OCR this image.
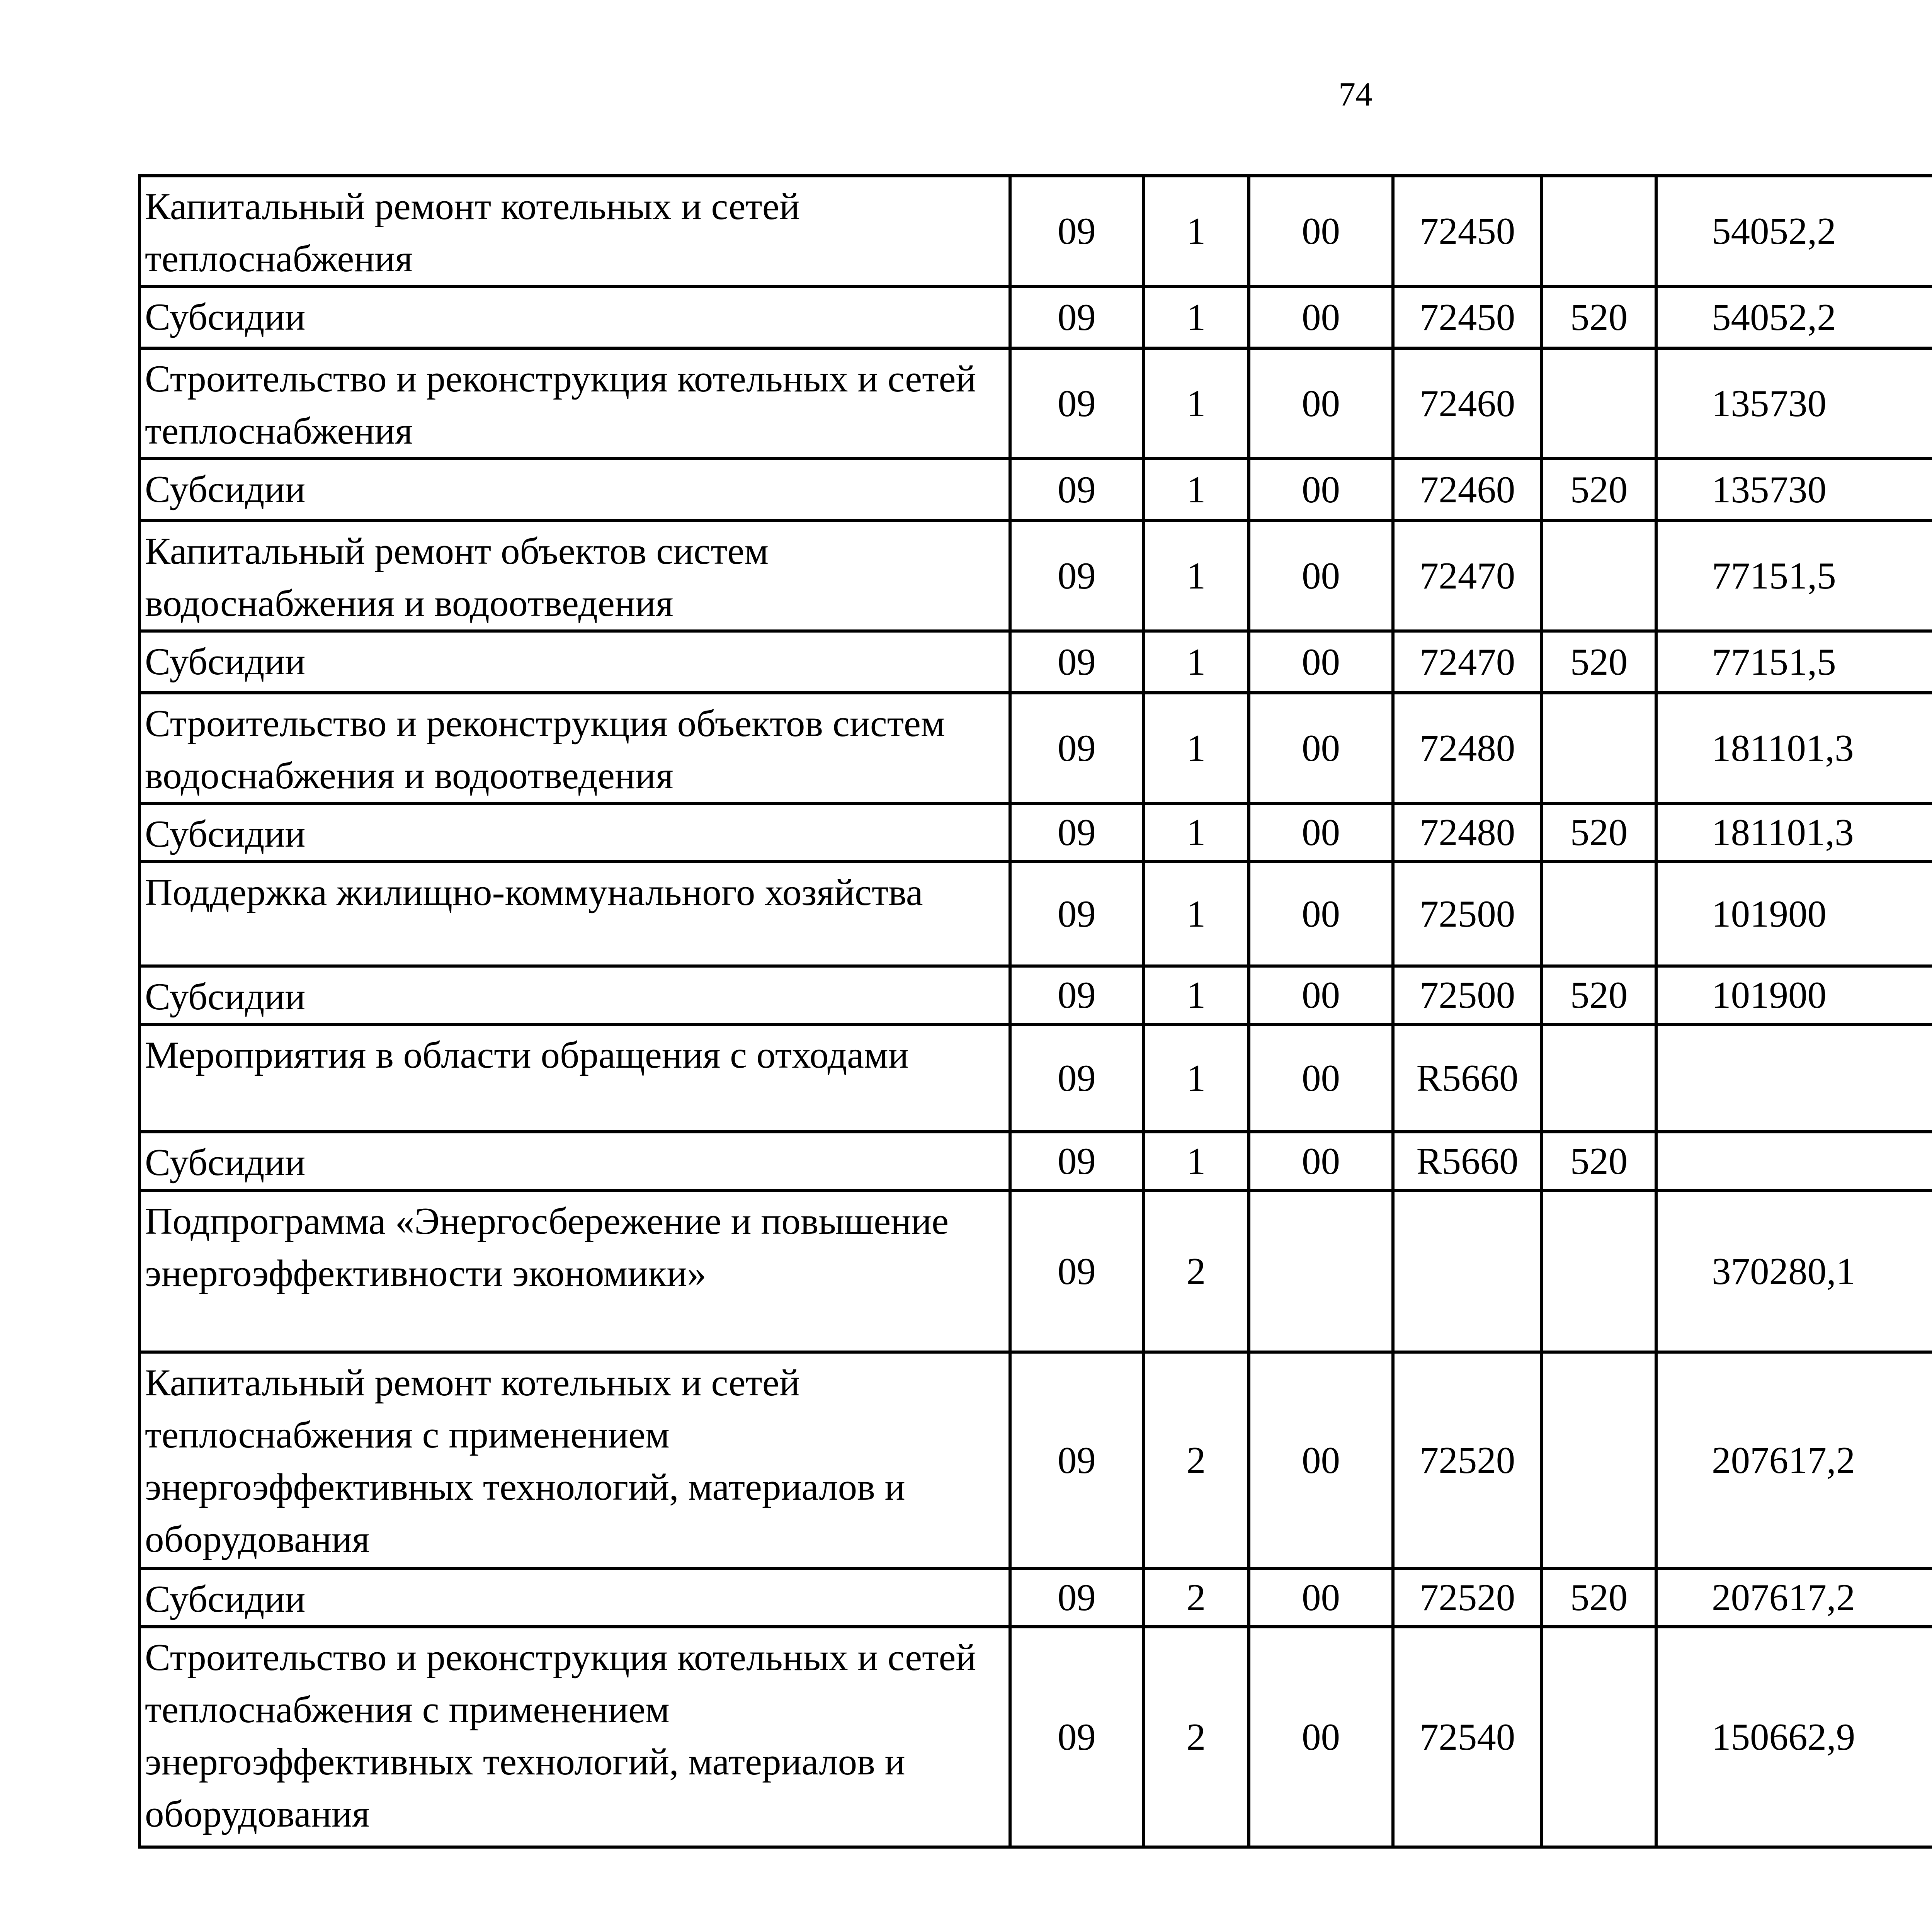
74
Капитальный ремонт котельных и сетей теплоснабжения	09	1	00	72450		54052,2		
Субсидии	09	1	00	72450	520	54052,2		
Строительство и реконструкция котельных и сетей теплоснабжения	09	1	00	72460		135730		
Субсидии	09	1	00	72460	520	135730		
Капитальный ремонт объектов систем водоснабжения и водоотведения	09	1	00	72470		77151,5		
Субсидии	09	1	00	72470	520	77151,5		
Строительство и реконструкция объектов систем водоснабжения и водоотведения	09	1	00	72480		181101,3		
Субсидии	09	1	00	72480	520	181101,3		
Поддержка жилищно-коммунального хозяйства	09	1	00	72500		101900		
Субсидии	09	1	00	72500	520	101900		
Мероприятия в области обращения с отходами	09	1	00	R5660				
Субсидии	09	1	00	R5660	520			
Подпрограмма «Энергосбережение и повышение энергоэффективности экономики»	09	2				370280,1		
Капитальный ремонт котельных и сетей теплоснабжения с применением энергоэффективных технологий, материалов и оборудования	09	2	00	72520		207617,2		
Субсидии	09	2	00	72520	520	207617,2		
Строительство и реконструкция котельных и сетей теплоснабжения с применением энергоэффективных технологий, материалов и оборудования	09	2	00	72540		150662,9		
